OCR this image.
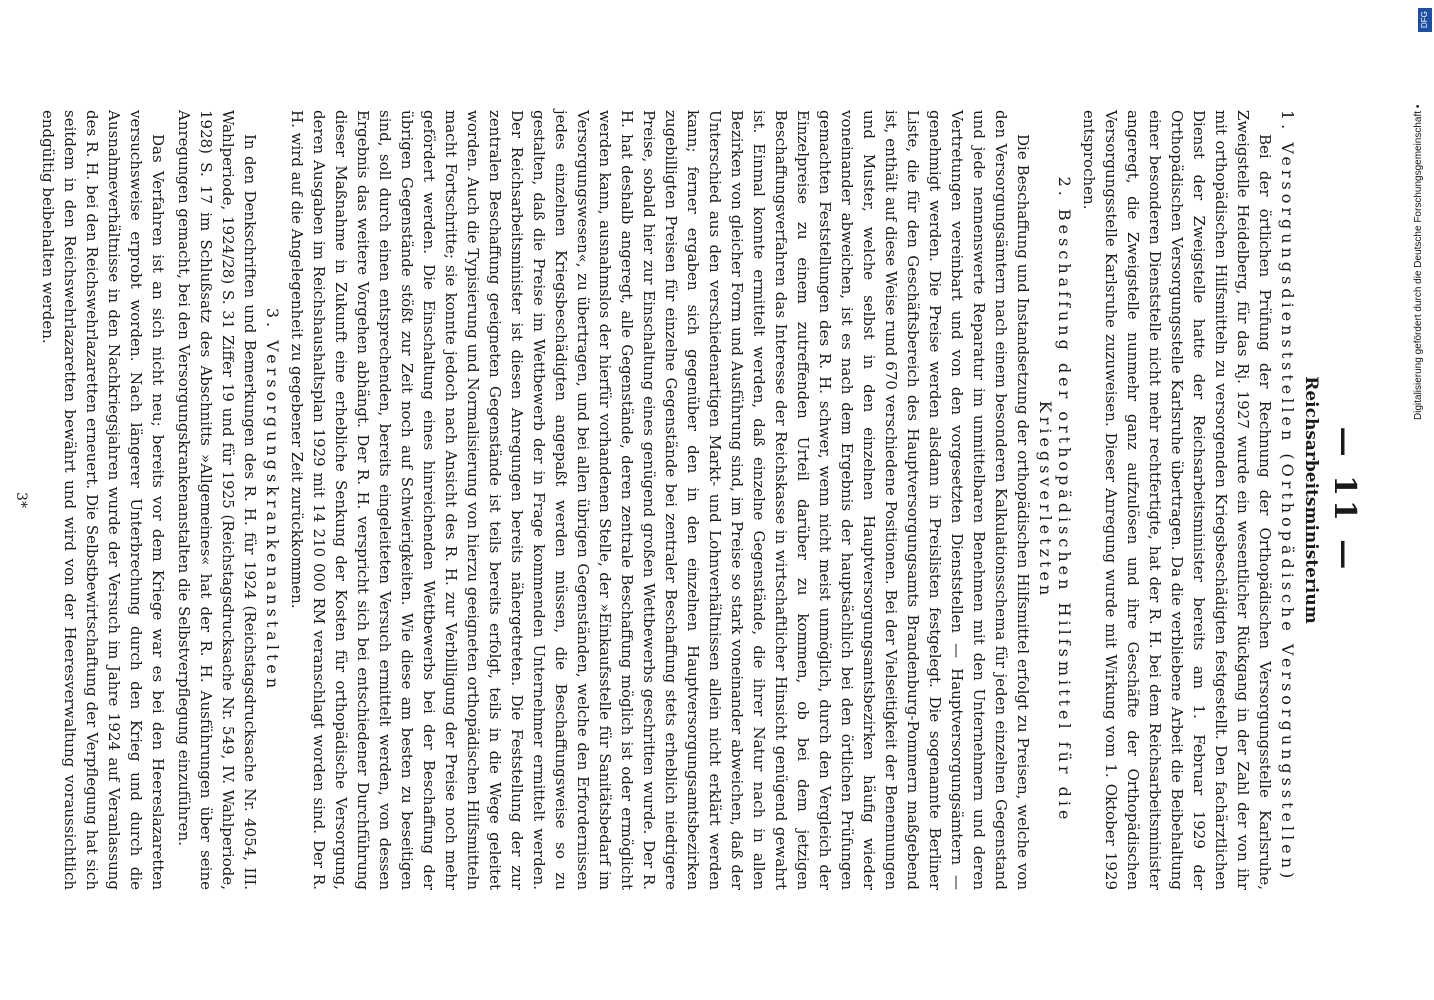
— 11 —
Reichsarbeitsministerium
1. Versorgungsdienststellen (Orthopädische Versorgungsstellen)

Bei der örtlichen Prüfung der Rechnung der Orthopädischen Versorgungsstelle Karlsruhe, Zweigstelle Heidelberg, für das Rj. 1927 wurde ein wesentlicher Rückgang in der Zahl der von ihr mit orthopädischen Hilfsmitteln zu versorgenden Kriegsbeschädigten festgestellt. Den fachärztlichen Dienst der Zweigstelle hatte der Reichsarbeitsminister bereits am 1. Februar 1929 der Orthopädischen Versorgungsstelle Karlsruhe übertragen. Da die verbliebene Arbeit die Beibehaltung einer besonderen Dienststelle nicht mehr rechtfertigte, hat der R. H. bei dem Reichsarbeitsminister angeregt, die Zweigstelle nunmehr ganz aufzulösen und ihre Geschäfte der Orthopädischen Versorgungsstelle Karlsruhe zuzuweisen. Dieser Anregung wurde mit Wirkung vom 1. Oktober 1929 entsprochen.

2. Beschaffung der orthopädischen Hilfsmittel für die Kriegsverletzten

Die Beschaffung und Instandsetzung der orthopädischen Hilfsmittel erfolgt zu Preisen, welche von den Versorgungsämtern nach einem besonderen Kalkulationsschema für jeden einzelnen Gegenstand und jede nennenswerte Reparatur im unmittelbaren Benehmen mit den Unternehmern und deren Vertretungen vereinbart und von den vorgesetzten Dienststellen — Hauptversorgungsämtern — genehmigt werden. Die Preise werden alsdann in Preislisten festgelegt. Die sogenannte Berliner Liste, die für den Geschäftsbereich des Hauptversorgungsamts Brandenburg-Pommern maßgebend ist, enthält auf diese Weise rund 670 verschiedene Positionen. Bei der Vielseitigkeit der Benennungen und Muster, welche selbst in den einzelnen Hauptversorgungsamtsbezirken häufig wieder voneinander abweichen, ist es nach dem Ergebnis der hauptsächlich bei den örtlichen Prüfungen gemachten Feststellungen des R. H. schwer, wenn nicht meist unmöglich, durch den Vergleich der Einzelpreise zu einem zutreffenden Urteil darüber zu kommen, ob bei dem jetzigen Beschaffungsverfahren das Interesse der Reichskasse in wirtschaftlicher Hinsicht genügend gewahrt ist. Einmal konnte ermittelt werden, daß einzelne Gegenstände, die ihrer Natur nach in allen Bezirken von gleicher Form und Ausführung sind, im Preise so stark voneinander abweichen, daß der Unterschied aus den verschiedenartigen Markt- und Lohnverhältnissen allein nicht erklärt werden kann; ferner ergaben sich gegenüber den in den einzelnen Hauptversorgungsamtsbezirken zugebilligten Preisen für einzelne Gegenstände bei zentraler Beschaffung stets erheblich niedrigere Preise, sobald hier zur Einschaltung eines genügend großen Wettbewerbs geschritten wurde. Der R. H. hat deshalb angeregt, alle Gegenstände, deren zentrale Beschaffung möglich ist oder ermöglicht werden kann, ausnahmslos der hierfür vorhandenen Stelle, der »Einkaufsstelle für Sanitätsbedarf im Versorgungswesen«, zu übertragen, und bei allen übrigen Gegenständen, welche den Erfordernissen jedes einzelnen Kriegsbeschädigten angepaßt werden müssen, die Beschaffungsweise so zu gestalten, daß die Preise im Wettbewerb der in Frage kommenden Unternehmer ermittelt werden. Der Reichsarbeitsminister ist diesen Anregungen bereits nähergetreten. Die Feststellung der zur zentralen Beschaffung geeigneten Gegenstände ist teils bereits erfolgt, teils in die Wege geleitet worden. Auch die Typisierung und Normalisierung von hierzu geeigneten orthopädischen Hilfsmitteln macht Fortschritte; sie konnte jedoch nach Ansicht des R. H. zur Verbilligung der Preise noch mehr gefördert werden. Die Einschaltung eines hinreichenden Wettbewerbs bei der Beschaffung der übrigen Gegenstände stößt zur Zeit noch auf Schwierigkeiten. Wie diese am besten zu beseitigen sind, soll durch einen entsprechenden, bereits eingeleiteten Versuch ermittelt werden, von dessen Ergebnis das weitere Vorgehen abhängt. Der R. H. verspricht sich bei entschiedener Durchführung dieser Maßnahme in Zukunft eine erhebliche Senkung der Kosten für orthopädische Versorgung, deren Ausgaben im Reichshaushaltsplan 1929 mit 14 210 000 RM veranschlagt worden sind. Der R. H. wird auf die Angelegenheit zu gegebener Zeit zurückkommen.

3. Versorgungskrankenanstalten

In den Denkschriften und Bemerkungen des R. H. für 1924 (Reichstagsdrucksache Nr. 4054, III. Wahlperiode, 1924/28) S. 31 Ziffer 19 und für 1925 (Reichstagsdrucksache Nr. 549, IV. Wahlperiode, 1928) S. 17 im Schlußsatz des Abschnitts »Allgemeines« hat der R. H. Ausführungen über seine Anregungen gemacht, bei den Versorgungskrankenanstalten die Selbstverpflegung einzuführen.

Das Verfahren ist an sich nicht neu; bereits vor dem Kriege war es bei den Heereslazaretten versuchsweise erprobt worden. Nach längerer Unterbrechung durch den Krieg und durch die Ausnahmeverhältnisse in den Nachkriegsjahren wurde der Versuch im Jahre 1924 auf Veranlassung des R. H. bei den Reichswehrlazaretten erneuert. Die Selbstbewirtschaftung der Verpflegung hat sich seitdem in den Reichswehrlazaretten bewährt und wird von der Heeresverwaltung voraussichtlich endgültig beibehalten werden.

3*
DFG
Digitalisierung gefördert durch die Deutsche Forschungsgemeinschaft •
